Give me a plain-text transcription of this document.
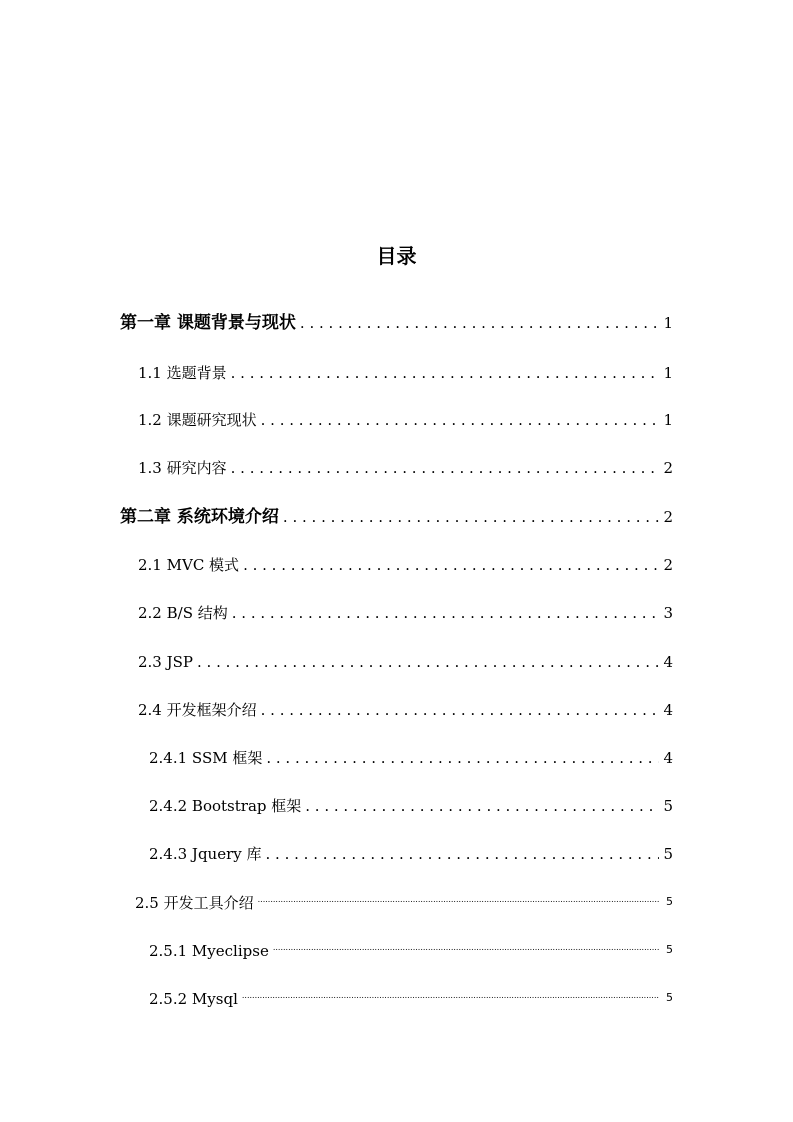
目录
第一章 课题背景与现状 . . .	1
1.1 选题背景 . . .	1
1.2 课题研究现状 . . .	1
1.3 研究内容 . . .	2
第二章 系统环境介绍 . . .	2
2.1 MVC 模式 . . .	2
2.2 B/S 结构 . . .	3
2.3 JSP . . .	4
2.4 开发框架介绍 . . .	4
2.4.1 SSM 框架 . . .	4
2.4.2 Bootstrap 框架 . . .	5
2.4.3 Jquery 库 . . .	5
2.5 开发工具介绍 .....	5
2.5.1 Myeclipse .....	5
2.5.2 Mysql .....	5
